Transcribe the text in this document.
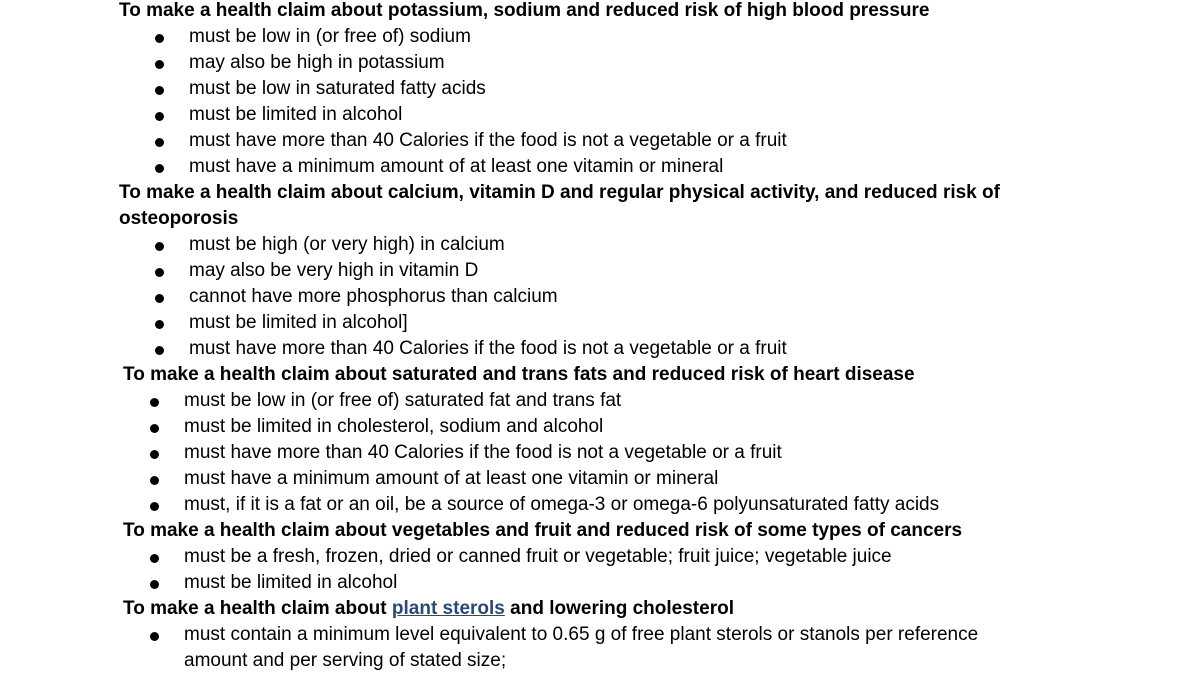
To make a health claim about potassium, sodium and reduced risk of high blood pressure

must be low in (or free of) sodium
may also be high in potassium
must be low in saturated fatty acids
must be limited in alcohol
must have more than 40 Calories if the food is not a vegetable or a fruit
must have a minimum amount of at least one vitamin or mineral

To make a health claim about calcium, vitamin D and regular physical activity, and reduced risk of osteoporosis

must be high (or very high) in calcium
may also be very high in vitamin D
cannot have more phosphorus than calcium
must be limited in alcohol]
must have more than 40 Calories if the food is not a vegetable or a fruit

To make a health claim about saturated and trans fats and reduced risk of heart disease

must be low in (or free of) saturated fat and trans fat
must be limited in cholesterol, sodium and alcohol
must have more than 40 Calories if the food is not a vegetable or a fruit
must have a minimum amount of at least one vitamin or mineral
must, if it is a fat or an oil, be a source of omega-3 or omega-6 polyunsaturated fatty acids

To make a health claim about vegetables and fruit and reduced risk of some types of cancers

must be a fresh, frozen, dried or canned fruit or vegetable; fruit juice; vegetable juice
must be limited in alcohol

To make a health claim about plant sterols and lowering cholesterol

must contain a minimum level equivalent to 0.65 g of free plant sterols or stanols per reference amount and per serving of stated size;
